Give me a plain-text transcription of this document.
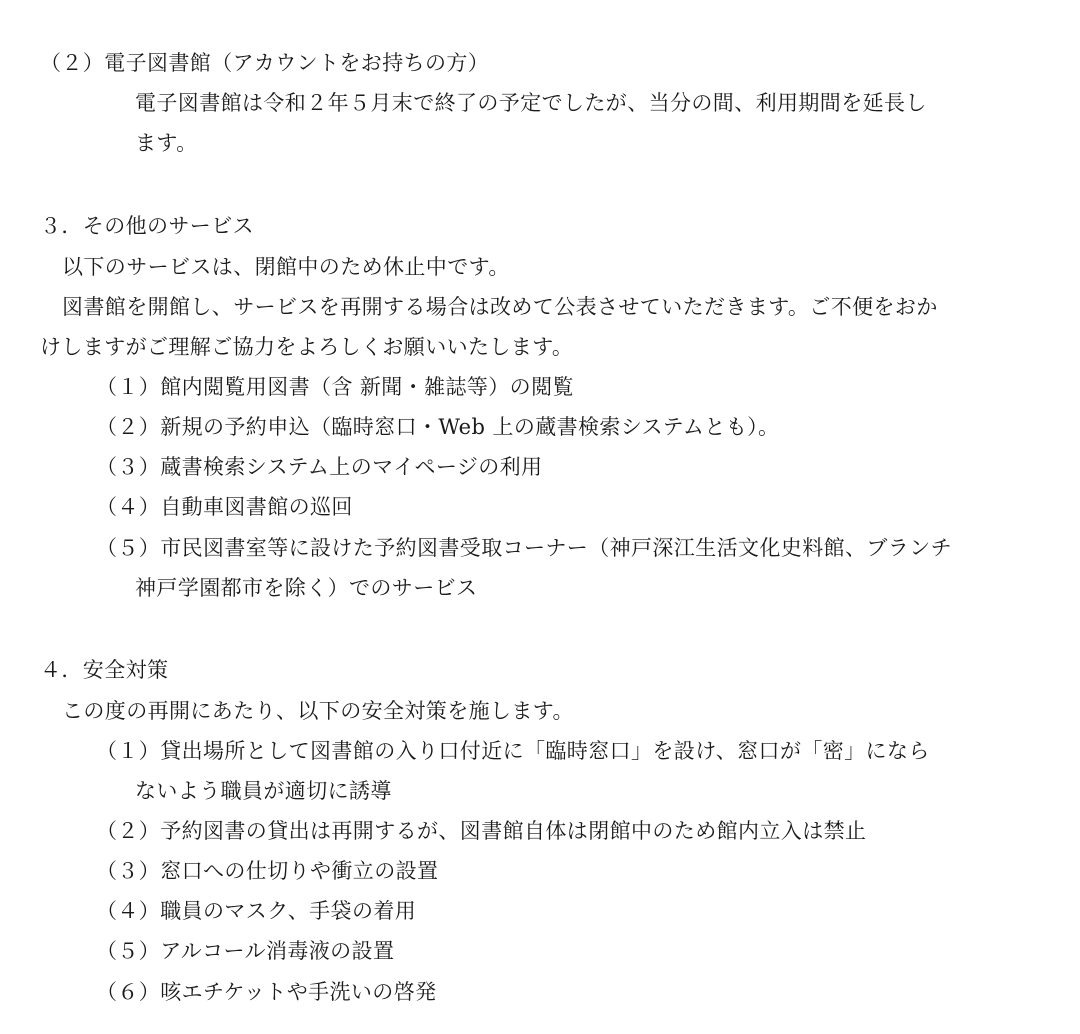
（２）電子図書館（アカウントをお持ちの方）
電子図書館は令和２年５月末で終了の予定でしたが、当分の間、利用期間を延長し
ます。
３．その他のサービス
以下のサービスは、閉館中のため休止中です。
図書館を開館し、サービスを再開する場合は改めて公表させていただきます。ご不便をおか
けしますがご理解ご協力をよろしくお願いいたします。
（１）館内閲覧用図書（含 新聞・雑誌等）の閲覧
（２）新規の予約申込（臨時窓口・Web 上の蔵書検索システムとも）。
（３）蔵書検索システム上のマイページの利用
（４）自動車図書館の巡回
（５）市民図書室等に設けた予約図書受取コーナー（神戸深江生活文化史料館、ブランチ
神戸学園都市を除く）でのサービス
４．安全対策
この度の再開にあたり、以下の安全対策を施します。
（１）貸出場所として図書館の入り口付近に「臨時窓口」を設け、窓口が「密」になら
ないよう職員が適切に誘導
（２）予約図書の貸出は再開するが、図書館自体は閉館中のため館内立入は禁止
（３）窓口への仕切りや衝立の設置
（４）職員のマスク、手袋の着用
（５）アルコール消毒液の設置
（６）咳エチケットや手洗いの啓発
